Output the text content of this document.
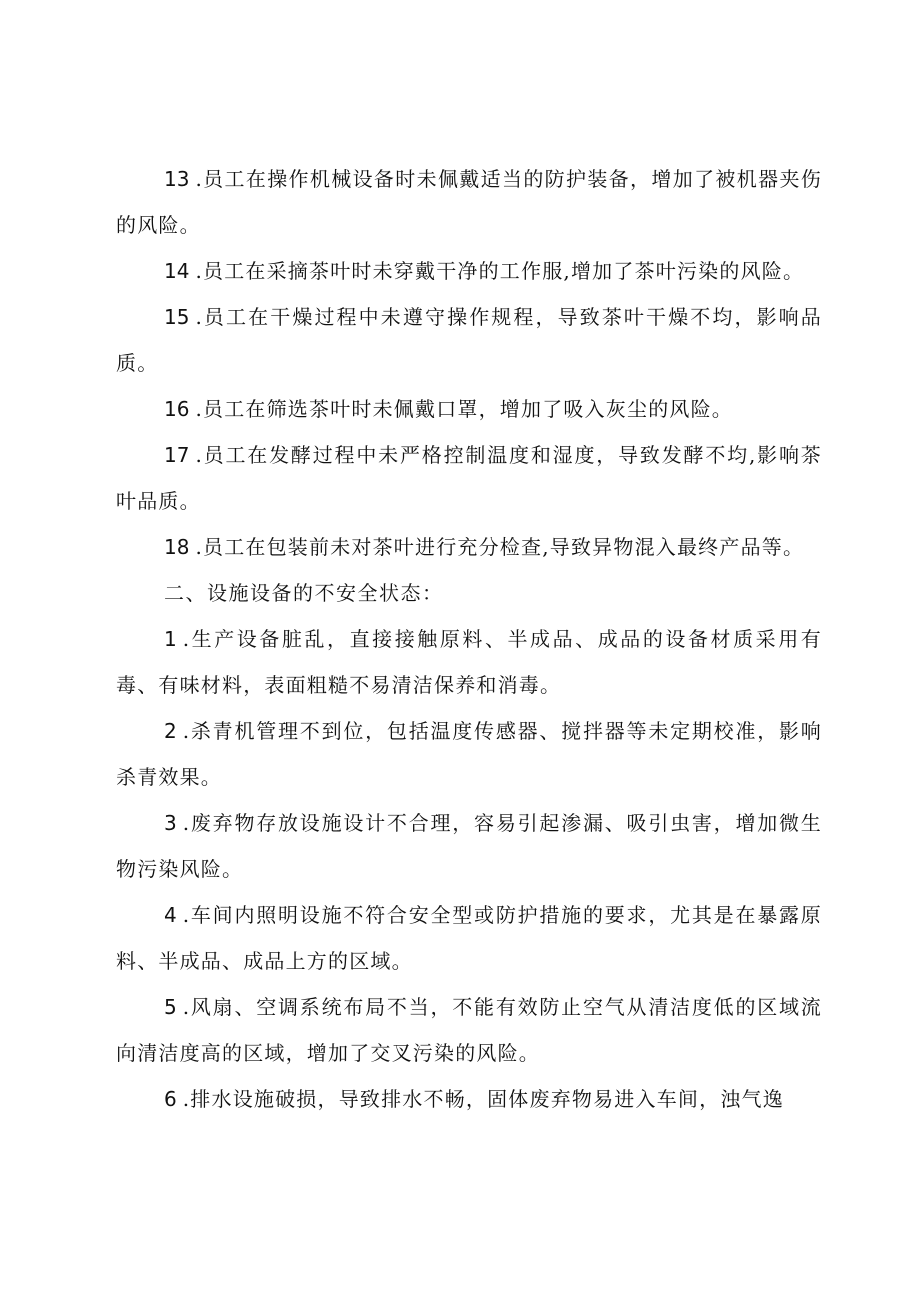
13 .员工在操作机械设备时未佩戴适当的防护装备，增加了被机器夹伤的风险。

14 .员工在采摘茶叶时未穿戴干净的工作服,增加了茶叶污染的风险。

15 .员工在干燥过程中未遵守操作规程，导致茶叶干燥不均，影响品质。

16 .员工在筛选茶叶时未佩戴口罩，增加了吸入灰尘的风险。

17 .员工在发酵过程中未严格控制温度和湿度，导致发酵不均,影响茶叶品质。

18 .员工在包装前未对茶叶进行充分检查,导致异物混入最终产品等。

二、设施设备的不安全状态：

1 .生产设备脏乱，直接接触原料、半成品、成品的设备材质采用有毒、有味材料，表面粗糙不易清洁保养和消毒。

2 .杀青机管理不到位，包括温度传感器、搅拌器等未定期校准，影响杀青效果。

3 .废弃物存放设施设计不合理，容易引起渗漏、吸引虫害，增加微生物污染风险。

4 .车间内照明设施不符合安全型或防护措施的要求，尤其是在暴露原料、半成品、成品上方的区域。

5 .风扇、空调系统布局不当，不能有效防止空气从清洁度低的区域流向清洁度高的区域，增加了交叉污染的风险。

6 .排水设施破损，导致排水不畅，固体废弃物易进入车间，浊气逸
